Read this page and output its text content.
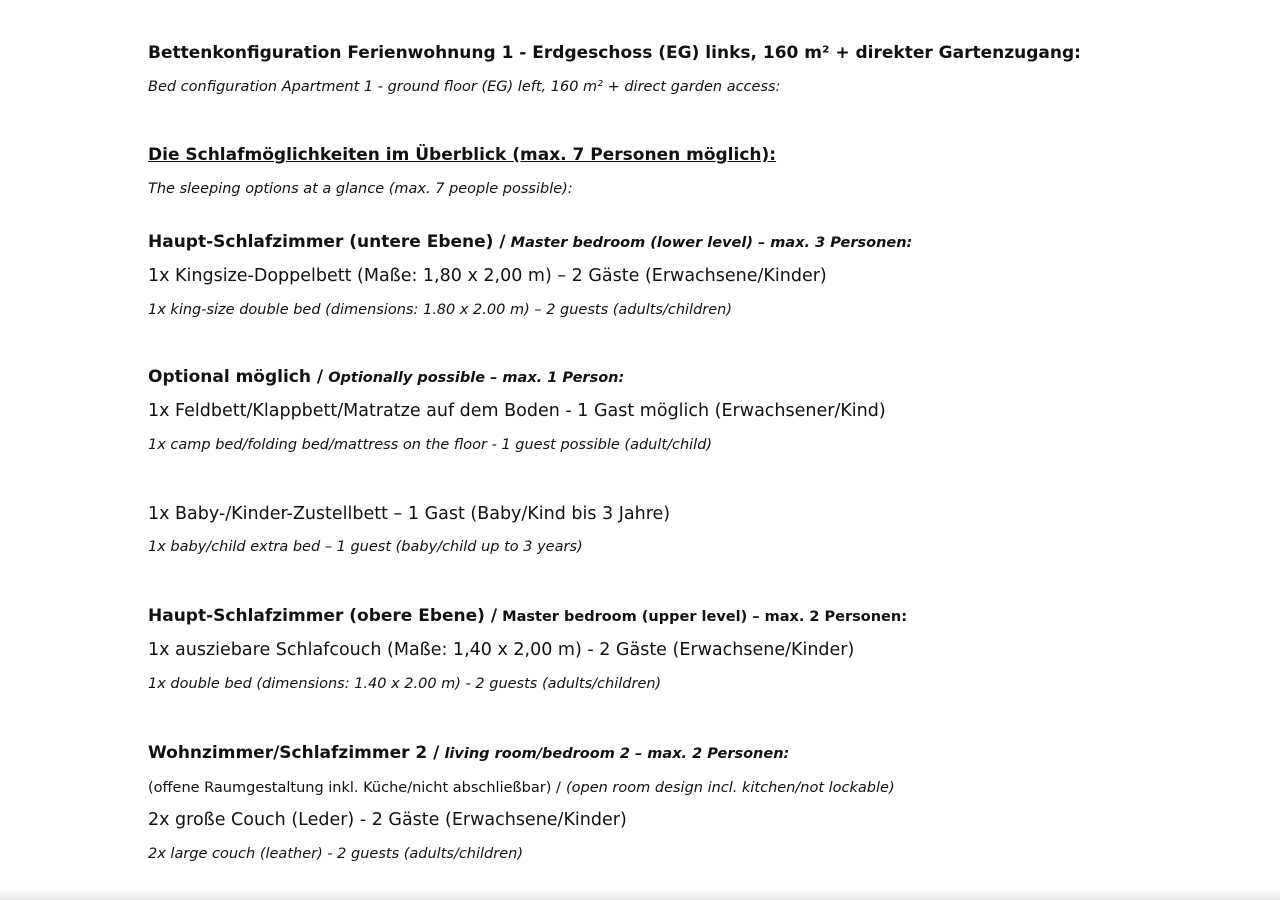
Bettenkonfiguration Ferienwohnung 1 - Erdgeschoss (EG) links, 160 m² + direkter Gartenzugang:
Bed configuration Apartment 1 - ground floor (EG) left, 160 m² + direct garden access:
Die Schlafmöglichkeiten im Überblick (max. 7 Personen möglich):
The sleeping options at a glance (max. 7 people possible):
Haupt-Schlafzimmer (untere Ebene) / Master bedroom (lower level) – max. 3 Personen:
1x Kingsize-Doppelbett (Maße: 1,80 x 2,00 m) – 2 Gäste (Erwachsene/Kinder)
1x king-size double bed (dimensions: 1.80 x 2.00 m) – 2 guests (adults/children)
Optional möglich / Optionally possible – max. 1 Person:
1x Feldbett/Klappbett/Matratze auf dem Boden - 1 Gast möglich (Erwachsener/Kind)
1x camp bed/folding bed/mattress on the floor - 1 guest possible (adult/child)
1x Baby-/Kinder-Zustellbett – 1 Gast (Baby/Kind bis 3 Jahre)
1x baby/child extra bed – 1 guest (baby/child up to 3 years)
Haupt-Schlafzimmer (obere Ebene) / Master bedroom (upper level) – max. 2 Personen:
1x ausziebare Schlafcouch (Maße: 1,40 x 2,00 m) - 2 Gäste (Erwachsene/Kinder)
1x double bed (dimensions: 1.40 x 2.00 m) - 2 guests (adults/children)
Wohnzimmer/Schlafzimmer 2 / living room/bedroom 2 – max. 2 Personen:
(offene Raumgestaltung inkl. Küche/nicht abschließbar) / (open room design incl. kitchen/not lockable)
2x große Couch (Leder) - 2 Gäste (Erwachsene/Kinder)
2x large couch (leather) - 2 guests (adults/children)
